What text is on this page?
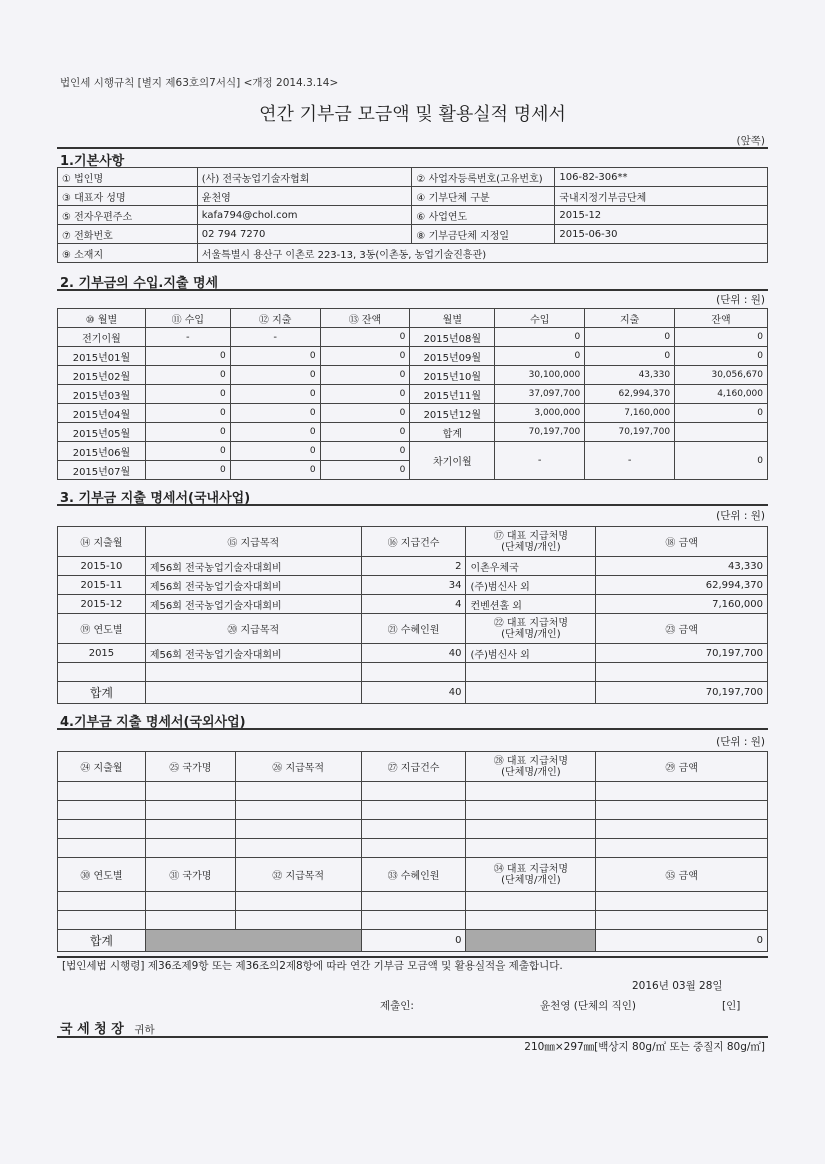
법인세 시행규칙 [별지 제63호의7서식] <개정 2014.3.14>
연간 기부금 모금액 및 활용실적 명세서
(앞쪽)
1.기본사항
① 법인명	(사) 전국농업기술자협회	② 사업자등록번호(고유번호)	106-82-306**
③ 대표자 성명	윤천영	④ 기부단체 구분	국내지정기부금단체
⑤ 전자우편주소	kafa794@chol.com	⑥ 사업연도	2015-12
⑦ 전화번호	02 794 7270	⑧ 기부금단체 지정일	2015-06-30
⑨ 소재지	서울특별시 용산구 이촌로 223-13, 3동(이촌동, 농업기술진흥관)		
2. 기부금의 수입.지출 명세
(단위 : 원)
⑩ 월별	⑪ 수입	⑫ 지출	⑬ 잔액	월별	수입	지출	잔액
전기이월	-	-	0	2015년08월	0	0	0
2015년01월	0	0	0	2015년09월	0	0	0
2015년02월	0	0	0	2015년10월	30,100,000	43,330	30,056,670
2015년03월	0	0	0	2015년11월	37,097,700	62,994,370	4,160,000
2015년04월	0	0	0	2015년12월	3,000,000	7,160,000	0
2015년05월	0	0	0	합계	70,197,700	70,197,700	
2015년06월	0	0	0	차기이월	-	-	0
2015년07월	0	0	0				
3. 기부금 지출 명세서(국내사업)
(단위 : 원)
⑭ 지출월	⑮ 지급목적	⑯ 지급건수	⑰ 대표 지급처명
(단체명/개인)	⑱ 금액
2015-10	제56회 전국농업기술자대회비	2	이촌우체국	43,330
2015-11	제56회 전국농업기술자대회비	34	(주)범신사 외	62,994,370
2015-12	제56회 전국농업기술자대회비	4	컨벤션홀 외	7,160,000
⑲ 연도별	⑳ 지급목적	㉑ 수혜인원	㉒ 대표 지급처명
(단체명/개인)	㉓ 금액
2015	제56회 전국농업기술자대회비	40	(주)범신사 외	70,197,700

합계		40		70,197,700
4.기부금 지출 명세서(국외사업)
(단위 : 원)
㉔ 지출월	㉕ 국가명	㉖ 지급목적	㉗ 지급건수	㉘ 대표 지급처명
(단체명/개인)	㉙ 금액

㉚ 연도별	㉛ 국가명	㉜ 지급목적	㉝ 수혜인원	㉞ 대표 지급처명
(단체명/개인)	㉟ 금액

합계			0		0
[법인세법 시행령] 제36조제9항 또는 제36조의2제8항에 따라 연간 기부금 모금액 및 활용실적을 제출합니다.
2016년 03월 28일
제출인:	윤천영 (단체의 직인)	[인]
국 세 청 장 귀하
210㎜×297㎜[백상지 80g/㎡ 또는 중질지 80g/㎡]
